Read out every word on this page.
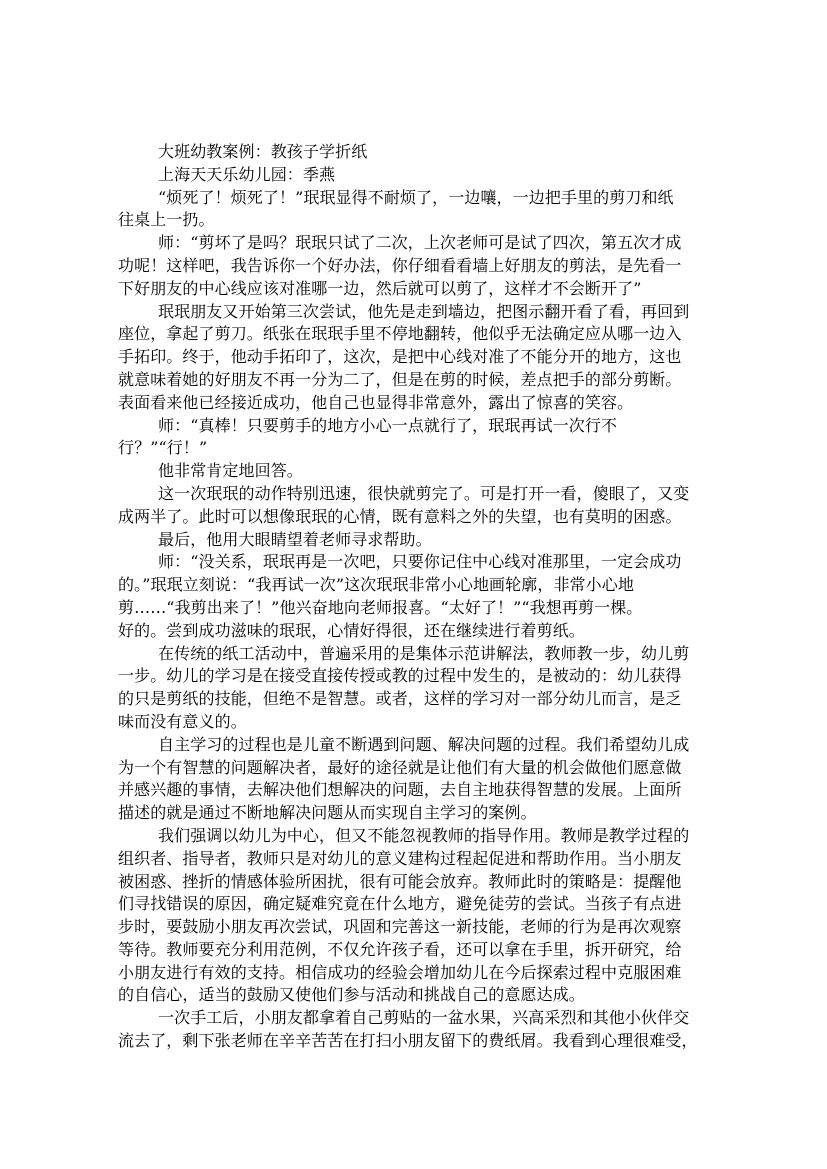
大班幼教案例：教孩子学折纸
上海天天乐幼儿园：季燕
“烦死了！烦死了！”珉珉显得不耐烦了，一边嚷，一边把手里的剪刀和纸
往桌上一扔。
师：“剪坏了是吗？珉珉只试了二次，上次老师可是试了四次，第五次才成
功呢！这样吧，我告诉你一个好办法，你仔细看看墙上好朋友的剪法，是先看一
下好朋友的中心线应该对准哪一边，然后就可以剪了，这样才不会断开了”
珉珉朋友又开始第三次尝试，他先是走到墙边，把图示翻开看了看，再回到
座位，拿起了剪刀。纸张在珉珉手里不停地翻转，他似乎无法确定应从哪一边入
手拓印。终于，他动手拓印了，这次，是把中心线对准了不能分开的地方，这也
就意味着她的好朋友不再一分为二了，但是在剪的时候，差点把手的部分剪断。
表面看来他已经接近成功，他自己也显得非常意外，露出了惊喜的笑容。
师：“真棒！只要剪手的地方小心一点就行了，珉珉再试一次行不
行？”“行！”
他非常肯定地回答。
这一次珉珉的动作特别迅速，很快就剪完了。可是打开一看，傻眼了，又变
成两半了。此时可以想像珉珉的心情，既有意料之外的失望，也有莫明的困惑。
最后，他用大眼睛望着老师寻求帮助。
师：“没关系，珉珉再是一次吧，只要你记住中心线对准那里，一定会成功
的。”珉珉立刻说：“我再试一次”这次珉珉非常小心地画轮廓，非常小心地
剪……“我剪出来了！”他兴奋地向老师报喜。“太好了！”“我想再剪一棵。
好的。尝到成功滋味的珉珉，心情好得很，还在继续进行着剪纸。
在传统的纸工活动中，普遍采用的是集体示范讲解法，教师教一步，幼儿剪
一步。幼儿的学习是在接受直接传授或教的过程中发生的，是被动的：幼儿获得
的只是剪纸的技能，但绝不是智慧。或者，这样的学习对一部分幼儿而言，是乏
味而没有意义的。
自主学习的过程也是儿童不断遇到问题、解决问题的过程。我们希望幼儿成
为一个有智慧的问题解决者，最好的途径就是让他们有大量的机会做他们愿意做
并感兴趣的事情，去解决他们想解决的问题，去自主地获得智慧的发展。上面所
描述的就是通过不断地解决问题从而实现自主学习的案例。
我们强调以幼儿为中心，但又不能忽视教师的指导作用。教师是教学过程的
组织者、指导者，教师只是对幼儿的意义建构过程起促进和帮助作用。当小朋友
被困惑、挫折的情感体验所困扰，很有可能会放弃。教师此时的策略是：提醒他
们寻找错误的原因，确定疑难究竟在什么地方，避免徒劳的尝试。当孩子有点进
步时，要鼓励小朋友再次尝试，巩固和完善这一新技能，老师的行为是再次观察
等待。教师要充分利用范例，不仅允许孩子看，还可以拿在手里，拆开研究，给
小朋友进行有效的支持。相信成功的经验会增加幼儿在今后探索过程中克服困难
的自信心，适当的鼓励又使他们参与活动和挑战自己的意愿达成。
一次手工后，小朋友都拿着自己剪贴的一盆水果，兴高采烈和其他小伙伴交
流去了，剩下张老师在辛辛苦苦在打扫小朋友留下的费纸屑。我看到心理很难受，
